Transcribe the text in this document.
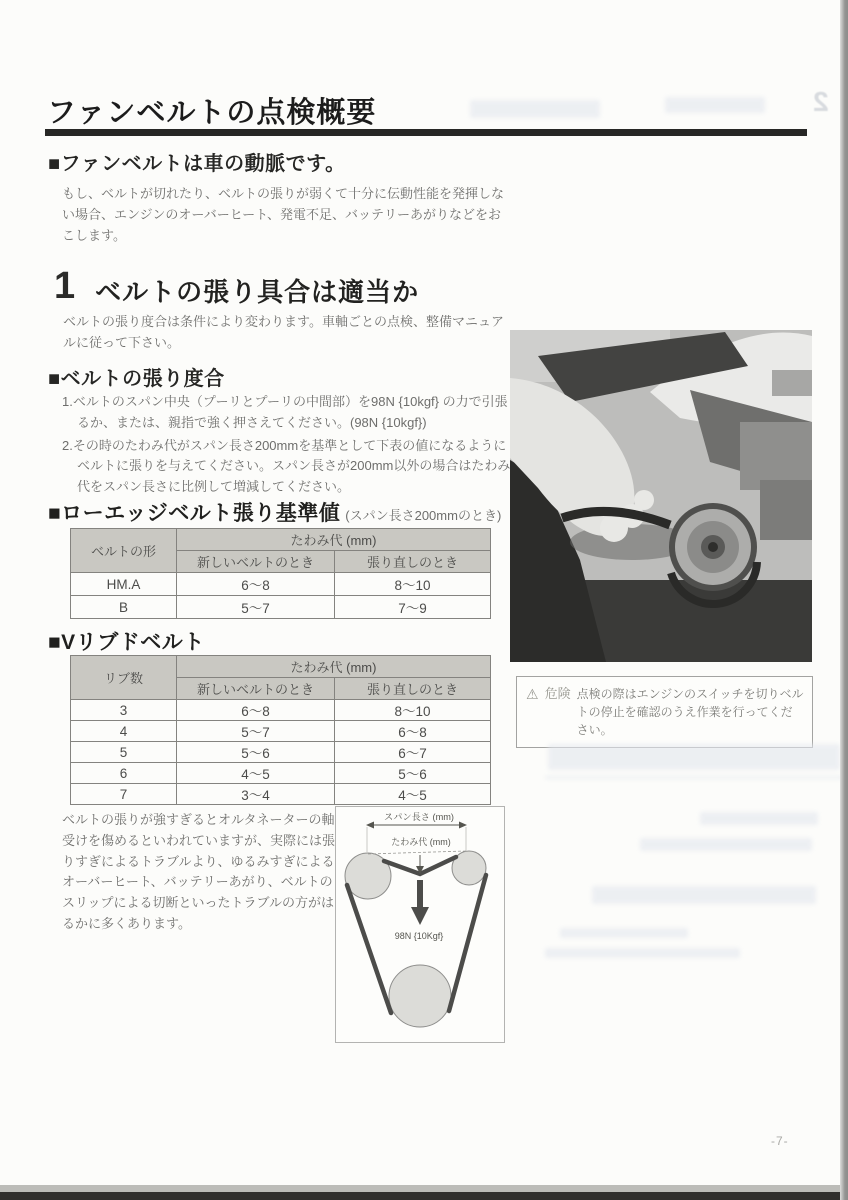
ファンベルトの点検概要	2
■ファンベルトは車の動脈です。
もし、ベルトが切れたり、ベルトの張りが弱くて十分に伝動性能を発揮しない場合、エンジンのオーバーヒート、発電不足、バッテリーあがりなどをおこします。
1 ベルトの張り具合は適当か
ベルトの張り度合は条件により変わります。車軸ごとの点検、整備マニュアルに従って下さい。
■ベルトの張り度合

1.ベルトのスパン中央（プーリとプーリの中間部）を98N {10kgf} の力で引張るか、または、親指で強く押さえてください。(98N {10kgf})

2.その時のたわみ代がスパン長さ200mmを基準として下表の値になるようにベルトに張りを与えてください。スパン長さが200mm以外の場合はたわみ代をスパン長さに比例して増減してください。

■ローエッジベルト張り基準値 (スパン長さ200mmのとき)
ベルトの形	たわみ代 (mm)	
	新しいベルトのとき	張り直しのとき
HM.A	6〜8	8〜10
B	5〜7	7〜9
■Vリブドベルト
リブ数	たわみ代 (mm)	
	新しいベルトのとき	張り直しのとき
3	6〜8	8〜10
4	5〜7	6〜8
5	5〜6	6〜7
6	4〜5	5〜6
7	3〜4	4〜5
ベルトの張りが強すぎるとオルタネーターの軸受けを傷めるといわれていますが、実際には張りすぎによるトラブルより、ゆるみすぎによるオーバーヒート、バッテリーあがり、ベルトのスリップによる切断といったトラブルの方がはるかに多くあります。
スパン長さ (mm)
たわみ代 (mm)
98N {10Kgf}
⚠ 危険 点検の際はエンジンのスイッチを切りベルトの停止を確認のうえ作業を行ってください。
-7-
